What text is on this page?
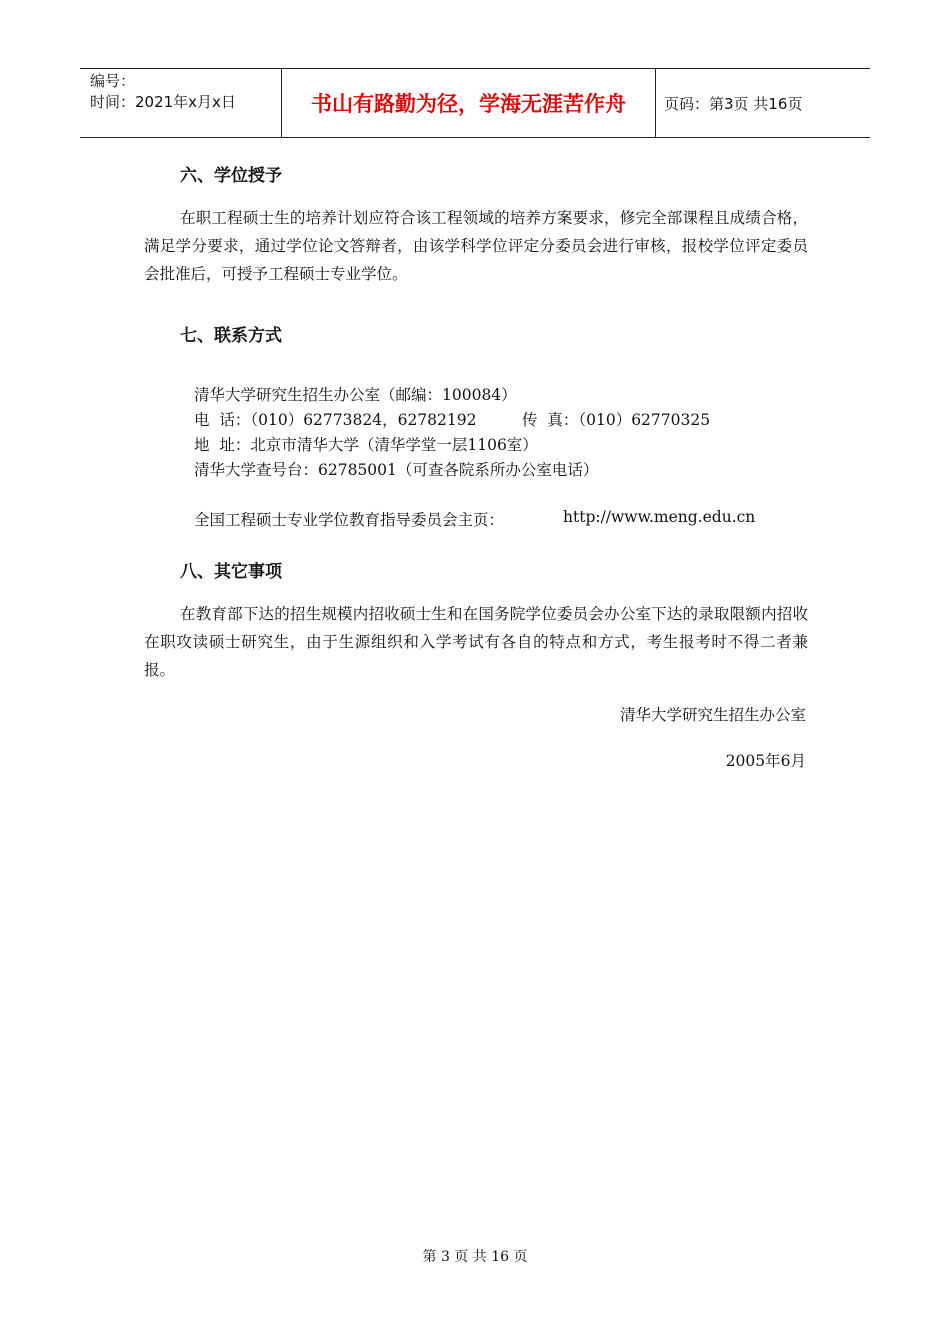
编号：
时间：2021年x月x日	书山有路勤为径，学海无涯苦作舟	页码：第3页 共16页
六、学位授予

在职工程硕士生的培养计划应符合该工程领域的培养方案要求，修完全部课程且成绩合格，满足学分要求，通过学位论文答辩者，由该学科学位评定分委员会进行审核，报校学位评定委员会批准后，可授予工程硕士专业学位。

七、联系方式
清华大学研究生招生办公室（邮编：100084）
电  话：（010）62773824，62782192	传  真：（010）62770325
地  址：北京市清华大学（清华学堂一层1106室）
清华大学查号台：62785001（可查各院系所办公室电话）
全国工程硕士专业学位教育指导委员会主页：	http://www.meng.edu.cn
八、其它事项

在教育部下达的招生规模内招收硕士生和在国务院学位委员会办公室下达的录取限额内招收在职攻读硕士研究生，由于生源组织和入学考试有各自的特点和方式，考生报考时不得二者兼报。

清华大学研究生招生办公室
2005年6月
第 3 页 共 16 页
